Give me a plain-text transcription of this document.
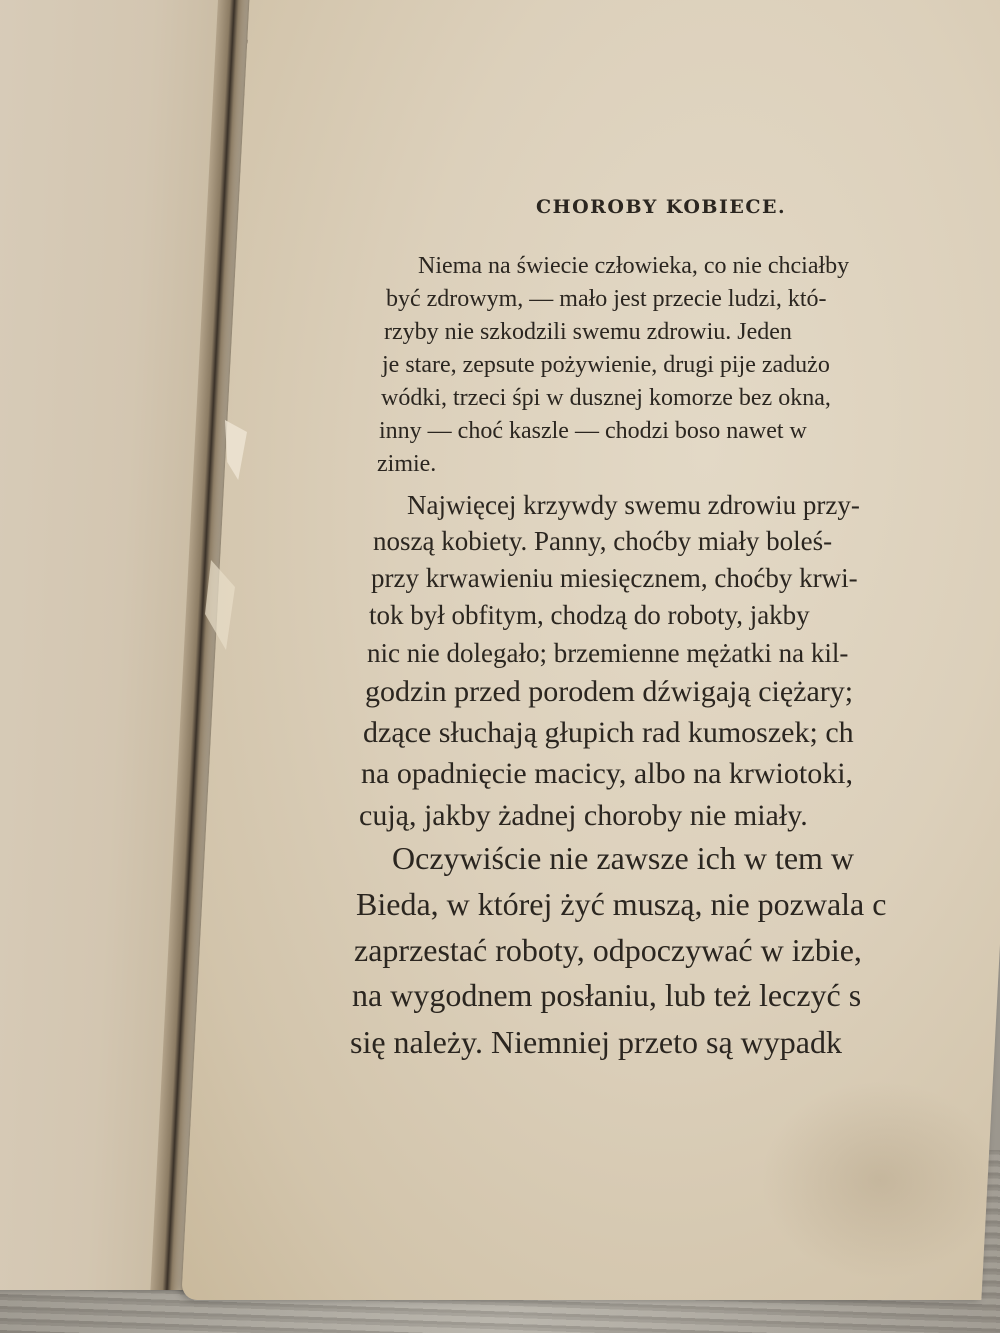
CHOROBY KOBIECE.
Niema na świecie człowieka, co nie chciałby
być zdrowym, — mało jest przecie ludzi, któ-
rzyby nie szkodzili swemu zdrowiu. Jeden
je stare, zepsute pożywienie, drugi pije zadużo
wódki, trzeci śpi w dusznej komorze bez okna,
inny — choć kaszle — chodzi boso nawet w
zimie.
Najwięcej krzywdy swemu zdrowiu przy-
noszą kobiety. Panny, choćby miały boleś-
przy krwawieniu miesięcznem, choćby krwi-
tok był obfitym, chodzą do roboty, jakby
nic nie dolegało; brzemienne mężatki na kil-
godzin przed porodem dźwigają ciężary;
dzące słuchają głupich rad kumoszek; ch
na opadnięcie macicy, albo na krwiotoki,
cują, jakby żadnej choroby nie miały.
Oczywiście nie zawsze ich w tem w
Bieda, w której żyć muszą, nie pozwala c
zaprzestać roboty, odpoczywać w izbie,
na wygodnem posłaniu, lub też leczyć s
się należy. Niemniej przeto są wypadk
